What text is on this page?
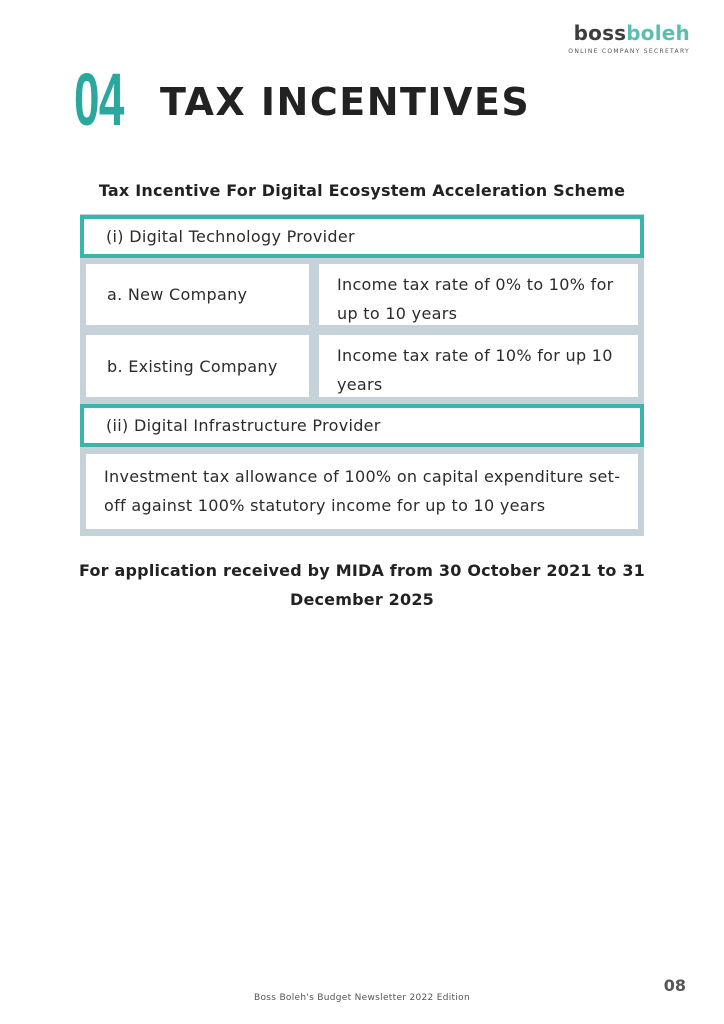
bossboleh
ONLINE COMPANY SECRETARY
04 TAX INCENTIVES
Tax Incentive For Digital Ecosystem Acceleration Scheme
(i) Digital Technology Provider
a. New Company
Income tax rate of 0% to 10% for up to 10 years
b. Existing Company
Income tax rate of 10% for up 10 years
(ii) Digital Infrastructure Provider
Investment tax allowance of 100% on capital expenditure set-off against 100% statutory income for up to 10 years
For application received by MIDA from 30 October 2021 to 31 December 2025
Boss Boleh's Budget Newsletter 2022 Edition
08
